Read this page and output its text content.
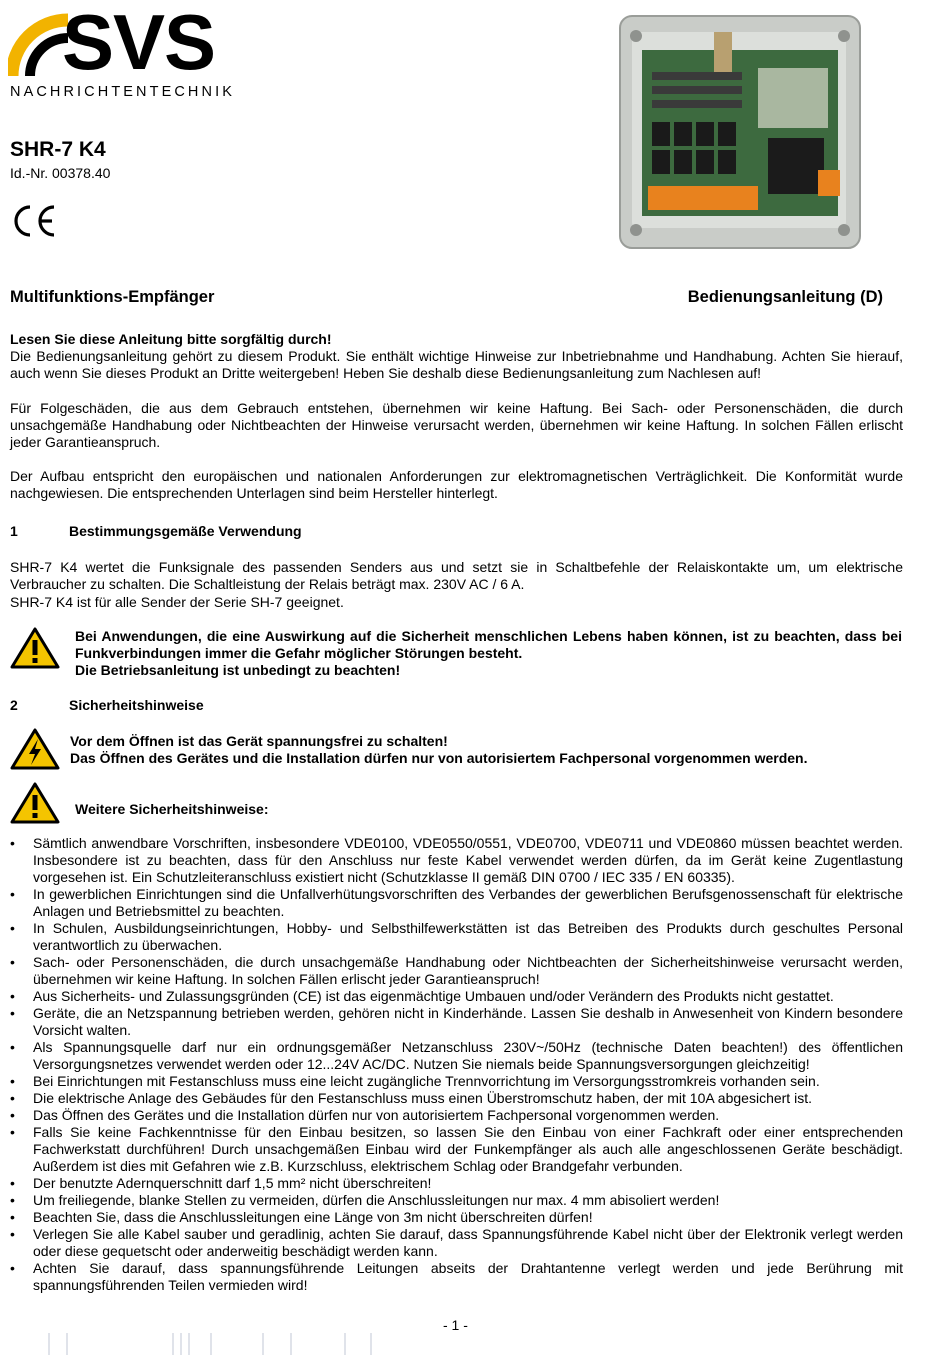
SVS
NACHRICHTENTECHNIK
SHR-7 K4
Id.-Nr. 00378.40
Multifunktions-Empfänger	Bedienungsanleitung (D)
Lesen Sie diese Anleitung bitte sorgfältig durch!
Die Bedienungsanleitung gehört zu diesem Produkt. Sie enthält wichtige Hinweise zur Inbetriebnahme und Handhabung. Achten Sie hierauf, auch wenn Sie dieses Produkt an Dritte weitergeben! Heben Sie deshalb diese Bedienungsanleitung zum Nachlesen auf!
Für Folgeschäden, die aus dem Gebrauch entstehen, übernehmen wir keine Haftung. Bei Sach- oder Personenschäden, die durch unsachgemäße Handhabung oder Nichtbeachten der Hinweise verursacht werden, übernehmen wir keine Haftung. In solchen Fällen erlischt jeder Garantieanspruch.
Der Aufbau entspricht den europäischen und nationalen Anforderungen zur elektromagnetischen Verträglichkeit. Die Konformität wurde nachgewiesen. Die entsprechenden Unterlagen sind beim Hersteller hinterlegt.
1	Bestimmungsgemäße Verwendung
SHR-7 K4 wertet die Funksignale des passenden Senders aus und setzt sie in Schaltbefehle der Relaiskontakte um, um elektrische Verbraucher zu schalten. Die Schaltleistung der Relais beträgt max. 230V AC / 6 A.
SHR-7 K4 ist für alle Sender der Serie SH-7 geeignet.
Bei Anwendungen, die eine Auswirkung auf die Sicherheit menschlichen Lebens haben können, ist zu beachten, dass bei Funkverbindungen immer die Gefahr möglicher Störungen besteht.
Die Betriebsanleitung ist unbedingt zu beachten!
2	Sicherheitshinweise
Vor dem Öffnen ist das Gerät spannungsfrei zu schalten!
Das Öffnen des Gerätes und die Installation dürfen nur von autorisiertem Fachpersonal vorgenommen werden.
Weitere Sicherheitshinweise:
• Sämtlich anwendbare Vorschriften, insbesondere VDE0100, VDE0550/0551, VDE0700, VDE0711 und VDE0860 müssen beachtet werden. Insbesondere ist zu beachten, dass für den Anschluss nur feste Kabel verwendet werden dürfen, da im Gerät keine Zugentlastung vorgesehen ist. Ein Schutzleiteranschluss existiert nicht (Schutzklasse II gemäß DIN 0700 / IEC 335 / EN 60335).
• In gewerblichen Einrichtungen sind die Unfallverhütungsvorschriften des Verbandes der gewerblichen Berufsgenossenschaft für elektrische Anlagen und Betriebsmittel zu beachten.
• In Schulen, Ausbildungseinrichtungen, Hobby- und Selbsthilfewerkstätten ist das Betreiben des Produkts durch geschultes Personal verantwortlich zu überwachen.
• Sach- oder Personenschäden, die durch unsachgemäße Handhabung oder Nichtbeachten der Sicherheitshinweise verursacht werden, übernehmen wir keine Haftung. In solchen Fällen erlischt jeder Garantieanspruch!
• Aus Sicherheits- und Zulassungsgründen (CE) ist das eigenmächtige Umbauen und/oder Verändern des Produkts nicht gestattet.
• Geräte, die an Netzspannung betrieben werden, gehören nicht in Kinderhände. Lassen Sie deshalb in Anwesenheit von Kindern besondere Vorsicht walten.
• Als Spannungsquelle darf nur ein ordnungsgemäßer Netzanschluss 230V~/50Hz (technische Daten beachten!) des öffentlichen Versorgungsnetzes verwendet werden oder 12...24V AC/DC. Nutzen Sie niemals beide Spannungsversorgungen gleichzeitig!
• Bei Einrichtungen mit Festanschluss muss eine leicht zugängliche Trennvorrichtung im Versorgungsstromkreis vorhanden sein.
• Die elektrische Anlage des Gebäudes für den Festanschluss muss einen Überstromschutz haben, der mit 10A abgesichert ist.
• Das Öffnen des Gerätes und die Installation dürfen nur von autorisiertem Fachpersonal vorgenommen werden.
• Falls Sie keine Fachkenntnisse für den Einbau besitzen, so lassen Sie den Einbau von einer Fachkraft oder einer entsprechenden Fachwerkstatt durchführen! Durch unsachgemäßen Einbau wird der Funkempfänger als auch alle angeschlossenen Geräte beschädigt. Außerdem ist dies mit Gefahren wie z.B. Kurzschluss, elektrischem Schlag oder Brandgefahr verbunden.
• Der benutzte Adernquerschnitt darf 1,5 mm² nicht überschreiten!
• Um freiliegende, blanke Stellen zu vermeiden, dürfen die Anschlussleitungen nur max. 4 mm abisoliert werden!
• Beachten Sie, dass die Anschlussleitungen eine Länge von 3m nicht überschreiten dürfen!
• Verlegen Sie alle Kabel sauber und geradlinig, achten Sie darauf, dass Spannungsführende Kabel nicht über der Elektronik verlegt werden oder diese gequetscht oder anderweitig beschädigt werden kann.
• Achten Sie darauf, dass spannungsführende Leitungen abseits der Drahtantenne verlegt werden und jede Berührung mit spannungsführenden Teilen vermieden wird!
- 1 -
